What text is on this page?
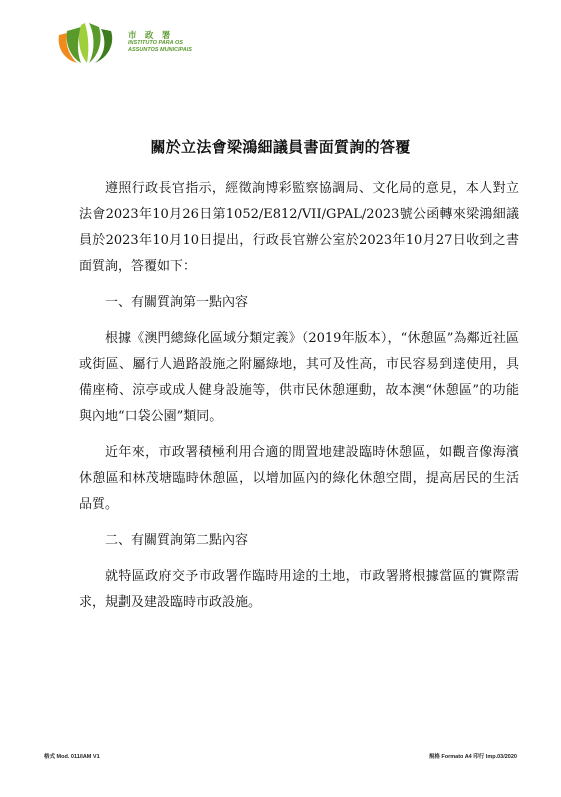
市 政 署
INSTITUTO PARA OS
ASSUNTOS MUNICIPAIS
關於立法會梁鴻細議員書面質詢的答覆

遵照行政長官指示，經徵詢博彩監察協調局、文化局的意見，本人對立法會2023年10月26日第1052/E812/VII/GPAL/2023號公函轉來梁鴻細議員於2023年10月10日提出，行政長官辦公室於2023年10月27日收到之書面質詢，答覆如下：

一、有關質詢第一點內容

根據《澳門總綠化區域分類定義》（2019年版本），“休憩區”為鄰近社區或街區、屬行人過路設施之附屬綠地，其可及性高，市民容易到達使用，具備座椅、涼亭或成人健身設施等，供市民休憩運動，故本澳“休憩區”的功能與內地“口袋公園”類同。

近年來，市政署積極利用合適的閒置地建設臨時休憩區，如觀音像海濱休憩區和林茂塘臨時休憩區，以增加區內的綠化休憩空間，提高居民的生活品質。

二、有關質詢第二點內容

就特區政府交予市政署作臨時用途的土地，市政署將根據當區的實際需求，規劃及建設臨時市政設施。

格式 Mod. 011/IAM V1	規格 Formato A4 印行 Imp.03/2020
